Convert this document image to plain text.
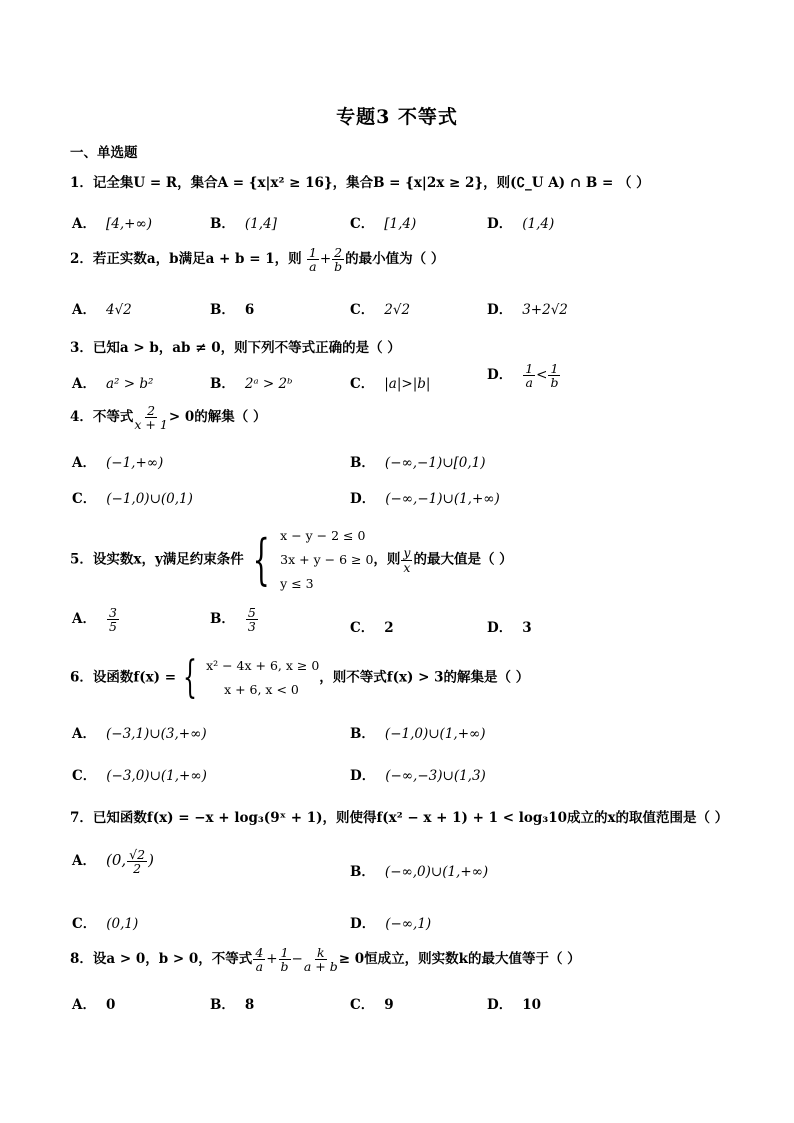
专题3 不等式
一、单选题
1．记全集U = R，集合A = {x|x² ≥ 16}，集合B = {x|2x ≥ 2}，则(∁_U A) ∩ B = （ ）
A． [4,+∞)	B． (1,4]	C． [1,4)	D． (1,4)
2．若正实数a，b满足a + b = 1，则 $\frac{1}{a} + \frac{2}{b}$ 的最小值为（ ）
A． 4√2	B． 6	C． 2√2	D． 3+2√2
3．已知a > b，ab ≠ 0，则下列不等式正确的是（ ）
A． a² > b²	B． 2ᵃ > 2ᵇ	C． |a|>|b|
D． $\frac{1}{a} < \frac{1}{b}$
4．不等式 $\frac{2}{x + 1} > 0$的解集（ ）
A． (−1,+∞)	B． (−∞,−1)∪[0,1)
C． (−1,0)∪(0,1)	D． (−∞,−1)∪(1,+∞)
5．设实数x，y满足约束条件 { x − y − 2 ≤ 0
3x + y − 6 ≥ 0
y ≤ 3
，则 $\frac{y}{x}$ 的最大值是（ ）
A． $\frac{3}{5}$	B． $\frac{5}{3}$	C． 2	D． 3
6．设函数f(x) = { x² − 4x + 6, x ≥ 0
x + 6, x < 0
，则不等式f(x) > 3的解集是（ ）
A． (−3,1)∪(3,+∞)	B． (−1,0)∪(1,+∞)
C． (−3,0)∪(1,+∞)	D． (−∞,−3)∪(1,3)
7．已知函数f(x) = −x + log₃(9ˣ + 1)，则使得f(x² − x + 1) + 1 < log₃10成立的x的取值范围是（ ）
A． (0, $\frac{√2}{2}$ )
B． (−∞,0)∪(1,+∞)
C． (0,1)	D． (−∞,1)
8．设a > 0，b > 0，不等式 $\frac{4}{a} + \frac{1}{b} - \frac{k}{a + b} \ge 0$恒成立，则实数k的最大值等于（ ）
A． 0	B． 8	C． 9	D． 10
